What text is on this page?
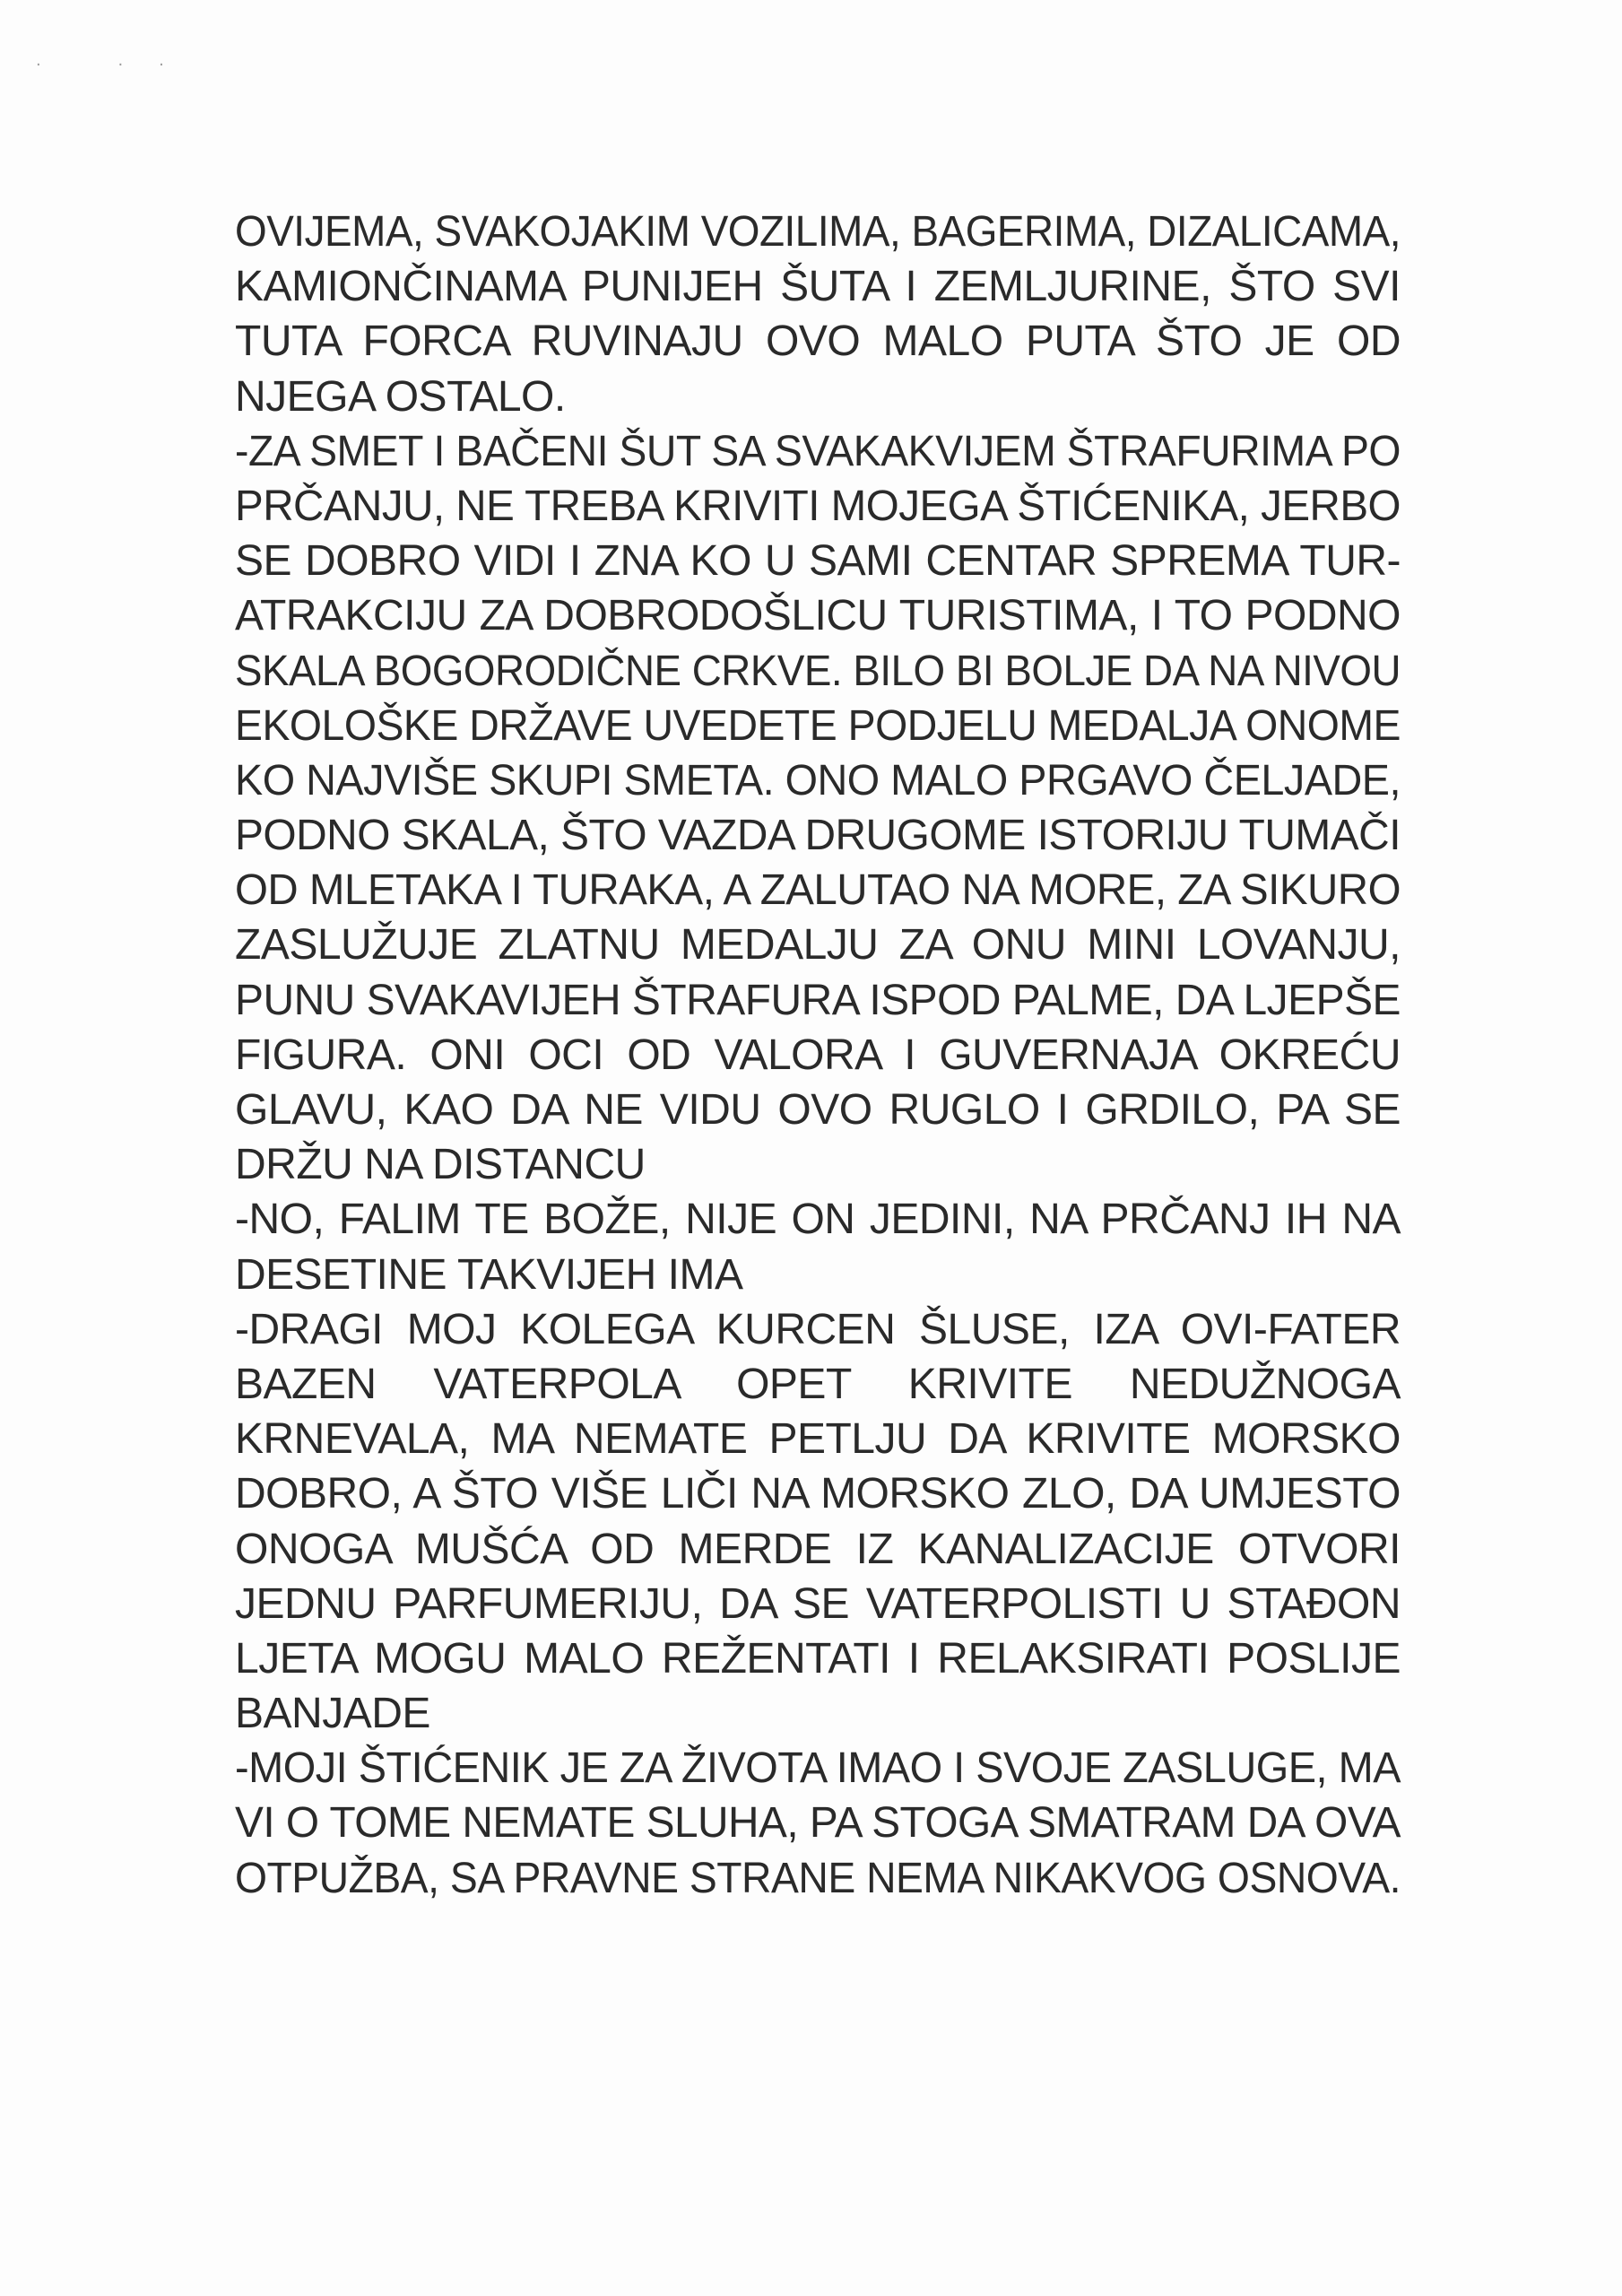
· ··
OVIJEMA, SVAKOJAKIM VOZILIMA, BAGERIMA, DIZALICAMA,
KAMIONČINAMA PUNIJEH ŠUTA I ZEMLJURINE, ŠTO SVI
TUTA FORCA RUVINAJU OVO MALO PUTA ŠTO JE OD
NJEGA OSTALO.
-ZA SMET I BAČENI ŠUT SA SVAKAKVIJEM ŠTRAFURIMA PO
PRČANJU, NE TREBA KRIVITI MOJEGA ŠTIĆENIKA, JERBO
SE DOBRO VIDI I ZNA KO U SAMI CENTAR SPREMA TUR-
ATRAKCIJU ZA DOBRODOŠLICU TURISTIMA, I TO PODNO
SKALA BOGORODIČNE CRKVE. BILO BI BOLJE DA NA NIVOU
EKOLOŠKE DRŽAVE UVEDETE PODJELU MEDALJA ONOME
KO NAJVIŠE SKUPI SMETA. ONO MALO PRGAVO ČELJADE,
PODNO SKALA, ŠTO VAZDA DRUGOME ISTORIJU TUMAČI
OD MLETAKA I TURAKA, A ZALUTAO NA MORE, ZA SIKURO
ZASLUŽUJE ZLATNU MEDALJU ZA ONU MINI LOVANJU,
PUNU SVAKAVIJEH ŠTRAFURA ISPOD PALME, DA LJEPŠE
FIGURA. ONI OCI OD VALORA I GUVERNAJA OKREĆU
GLAVU, KAO DA NE VIDU OVO RUGLO I GRDILO, PA SE
DRŽU NA DISTANCU
-NO, FALIM TE BOŽE, NIJE ON JEDINI, NA PRČANJ IH NA
DESETINE TAKVIJEH IMA
-DRAGI MOJ KOLEGA KURCEN ŠLUSE, IZA OVI-FATER
BAZEN VATERPOLA OPET KRIVITE NEDUŽNOGA
KRNEVALA, MA NEMATE PETLJU DA KRIVITE MORSKO
DOBRO, A ŠTO VIŠE LIČI NA MORSKO ZLO, DA UMJESTO
ONOGA MUŠĆA OD MERDE IZ KANALIZACIJE OTVORI
JEDNU PARFUMERIJU, DA SE VATERPOLISTI U STAĐON
LJETA MOGU MALO REŽENTATI I RELAKSIRATI POSLIJE
BANJADE
-MOJI ŠTIĆENIK JE ZA ŽIVOTA IMAO I SVOJE ZASLUGE, MA
VI O TOME NEMATE SLUHA, PA STOGA SMATRAM DA OVA
OTPUŽBA, SA PRAVNE STRANE NEMA NIKAKVOG OSNOVA.
